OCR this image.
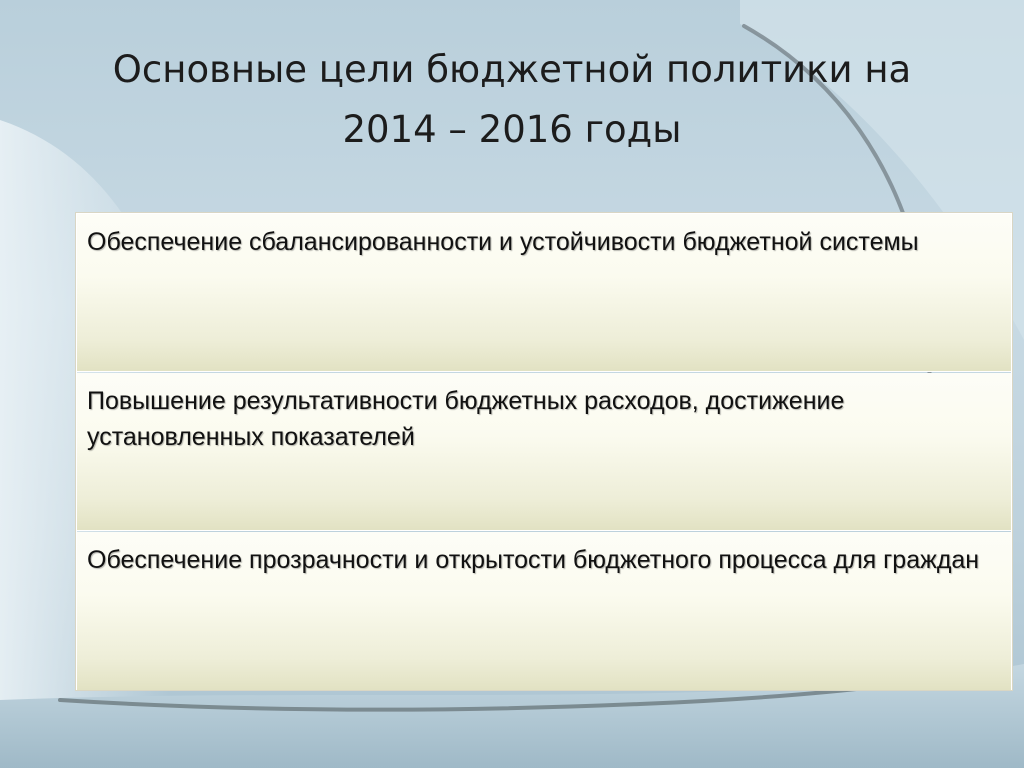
Основные цели бюджетной политики на
2014 – 2016 годы

Обеспечение сбалансированности и устойчивости бюджетной системы

Повышение результативности бюджетных расходов, достижение установленных показателей

Обеспечение прозрачности и открытости бюджетного процесса для граждан
